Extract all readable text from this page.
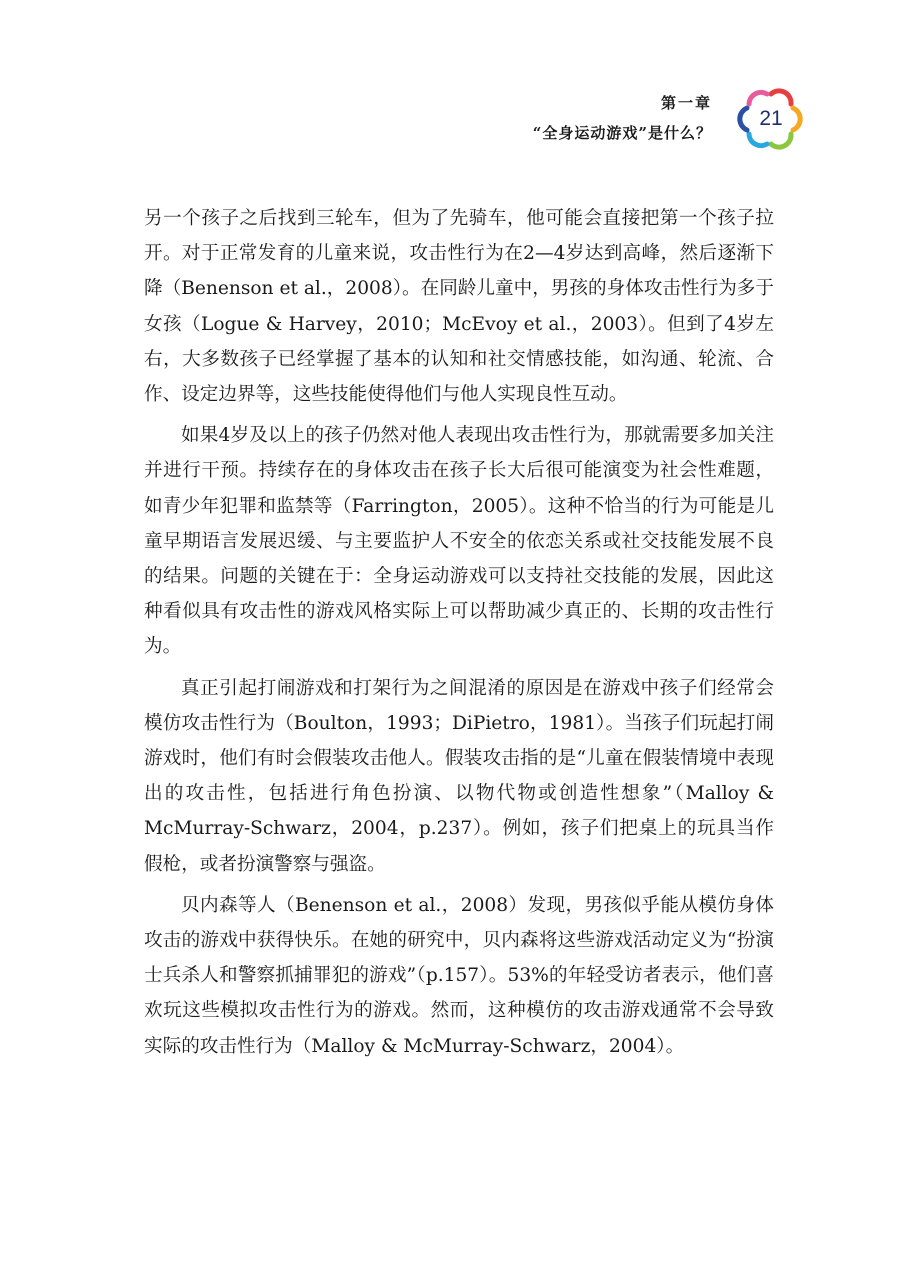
第一章
“全身运动游戏”是什么？
21

另一个孩子之后找到三轮车，但为了先骑车，他可能会直接把第一个孩子拉开。对于正常发育的儿童来说，攻击性行为在2—4岁达到高峰，然后逐渐下降（Benenson et al.，2008）。在同龄儿童中，男孩的身体攻击性行为多于女孩（Logue & Harvey，2010；McEvoy et al.，2003）。但到了4岁左右，大多数孩子已经掌握了基本的认知和社交情感技能，如沟通、轮流、合作、设定边界等，这些技能使得他们与他人实现良性互动。

如果4岁及以上的孩子仍然对他人表现出攻击性行为，那就需要多加关注并进行干预。持续存在的身体攻击在孩子长大后很可能演变为社会性难题，如青少年犯罪和监禁等（Farrington，2005）。这种不恰当的行为可能是儿童早期语言发展迟缓、与主要监护人不安全的依恋关系或社交技能发展不良的结果。问题的关键在于：全身运动游戏可以支持社交技能的发展，因此这种看似具有攻击性的游戏风格实际上可以帮助减少真正的、长期的攻击性行为。

真正引起打闹游戏和打架行为之间混淆的原因是在游戏中孩子们经常会模仿攻击性行为（Boulton，1993；DiPietro，1981）。当孩子们玩起打闹游戏时，他们有时会假装攻击他人。假装攻击指的是“儿童在假装情境中表现出的攻击性，包括进行角色扮演、以物代物或创造性想象”（Malloy & McMurray-Schwarz，2004，p.237）。例如，孩子们把桌上的玩具当作假枪，或者扮演警察与强盗。

贝内森等人（Benenson et al.，2008）发现，男孩似乎能从模仿身体攻击的游戏中获得快乐。在她的研究中，贝内森将这些游戏活动定义为“扮演士兵杀人和警察抓捕罪犯的游戏”（p.157）。53%的年轻受访者表示，他们喜欢玩这些模拟攻击性行为的游戏。然而，这种模仿的攻击游戏通常不会导致实际的攻击性行为（Malloy & McMurray-Schwarz，2004）。
